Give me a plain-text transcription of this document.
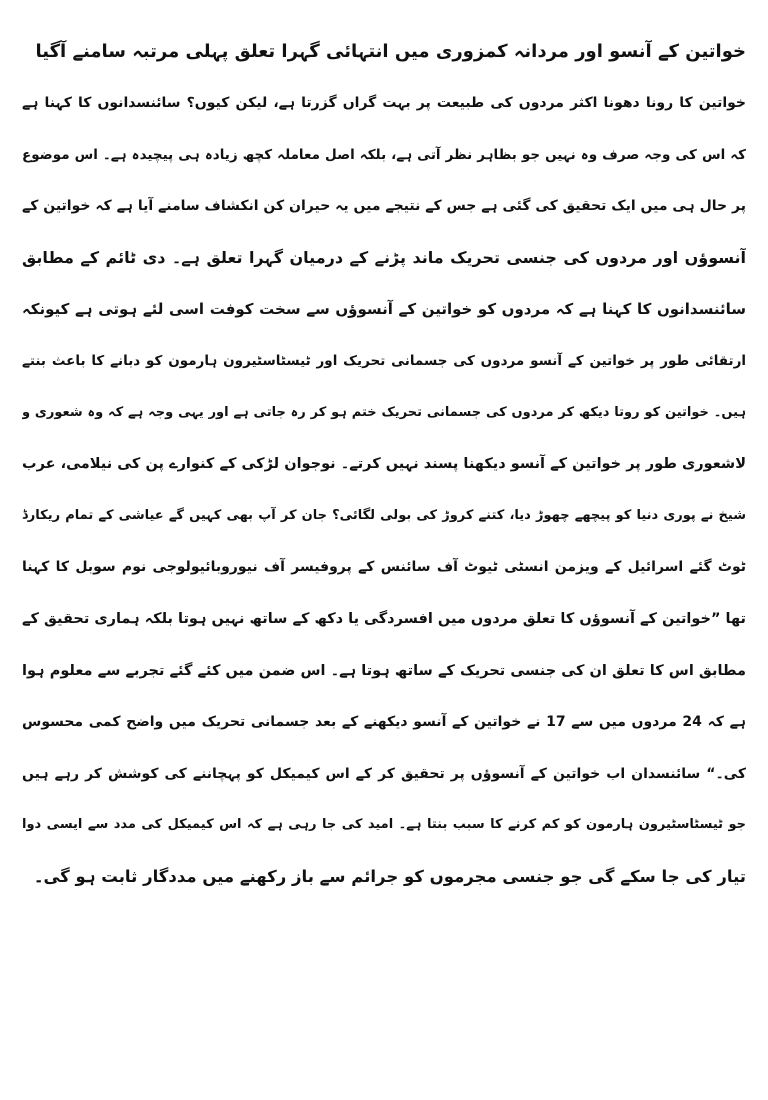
خواتین کے آنسو اور مردانہ کمزوری میں انتہائی گہرا تعلق پہلی مرتبہ سامنے آگیا
خواتین کا رونا دھونا اکثر مردوں کی طبیعت پر بہت گراں گزرتا ہے، لیکن کیوں؟ سائنسدانوں کا کہنا ہے
کہ اس کی وجہ صرف وہ نہیں جو بظاہر نظر آتی ہے، بلکہ اصل معاملہ کچھ زیادہ ہی پیچیدہ ہے۔ اس موضوع
پر حال ہی میں ایک تحقیق کی گئی ہے جس کے نتیجے میں یہ حیران کن انکشاف سامنے آیا ہے کہ خواتین کے
آنسوؤں اور مردوں کی جنسی تحریک ماند پڑنے کے درمیان گہرا تعلق ہے۔ دی ٹائم کے مطابق
سائنسدانوں کا کہنا ہے کہ مردوں کو خواتین کے آنسوؤں سے سخت کوفت اسی لئے ہوتی ہے کیونکہ
ارتقائی طور پر خواتین کے آنسو مردوں کی جسمانی تحریک اور ٹیسٹاسٹیرون ہارمون کو دبانے کا باعث بنتے
ہیں۔ خواتین کو روتا دیکھ کر مردوں کی جسمانی تحریک ختم ہو کر رہ جاتی ہے اور یہی وجہ ہے کہ وہ شعوری و
لاشعوری طور پر خواتین کے آنسو دیکھنا پسند نہیں کرتے۔ نوجوان لڑکی کے کنوارے پن کی نیلامی، عرب
شیخ نے پوری دنیا کو پیچھے چھوڑ دیا، کتنے کروڑ کی بولی لگائی؟ جان کر آپ بھی کہیں گے عیاشی کے تمام ریکارڈ
ٹوٹ گئے اسرائیل کے ویزمن انسٹی ٹیوٹ آف سائنس کے پروفیسر آف نیوروبائیولوجی نوم سوبل کا کہنا
تھا ”خواتین کے آنسوؤں کا تعلق مردوں میں افسردگی یا دکھ کے ساتھ نہیں ہوتا بلکہ ہماری تحقیق کے
مطابق اس کا تعلق ان کی جنسی تحریک کے ساتھ ہوتا ہے۔ اس ضمن میں کئے گئے تجربے سے معلوم ہوا
ہے کہ 24 مردوں میں سے 17 نے خواتین کے آنسو دیکھنے کے بعد جسمانی تحریک میں واضح کمی محسوس
کی۔“ سائنسدان اب خواتین کے آنسوؤں پر تحقیق کر کے اس کیمیکل کو پہچاننے کی کوشش کر رہے ہیں
جو ٹیسٹاسٹیرون ہارمون کو کم کرنے کا سبب بنتا ہے۔ امید کی جا رہی ہے کہ اس کیمیکل کی مدد سے ایسی دوا
تیار کی جا سکے گی جو جنسی مجرموں کو جرائم سے باز رکھنے میں مددگار ثابت ہو گی۔
